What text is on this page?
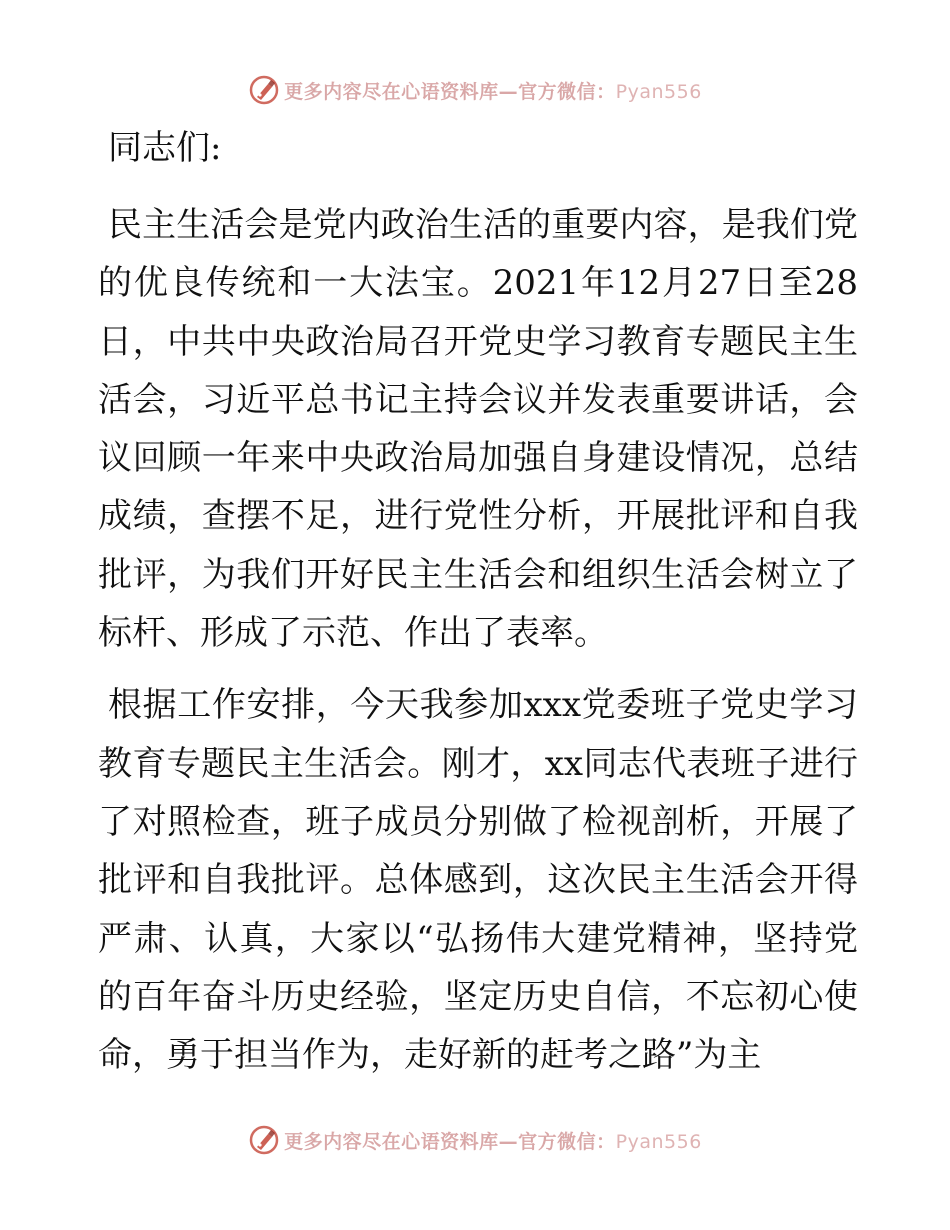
更多内容尽在心语资料库—官方微信：Pyan556

同志们:

民主生活会是党内政治生活的重要内容，是我们党的优良传统和一大法宝。2021年12月27日至28日，中共中央政治局召开党史学习教育专题民主生活会，习近平总书记主持会议并发表重要讲话，会议回顾一年来中央政治局加强自身建设情况，总结成绩，查摆不足，进行党性分析，开展批评和自我批评，为我们开好民主生活会和组织生活会树立了标杆、形成了示范、作出了表率。

根据工作安排，今天我参加xxx党委班子党史学习教育专题民主生活会。刚才，xx同志代表班子进行了对照检查，班子成员分别做了检视剖析，开展了批评和自我批评。总体感到，这次民主生活会开得严肃、认真，大家以“弘扬伟大建党精神，坚持党的百年奋斗历史经验，坚定历史自信，不忘初心使命，勇于担当作为，走好新的赶考之路”为主

更多内容尽在心语资料库—官方微信：Pyan556
